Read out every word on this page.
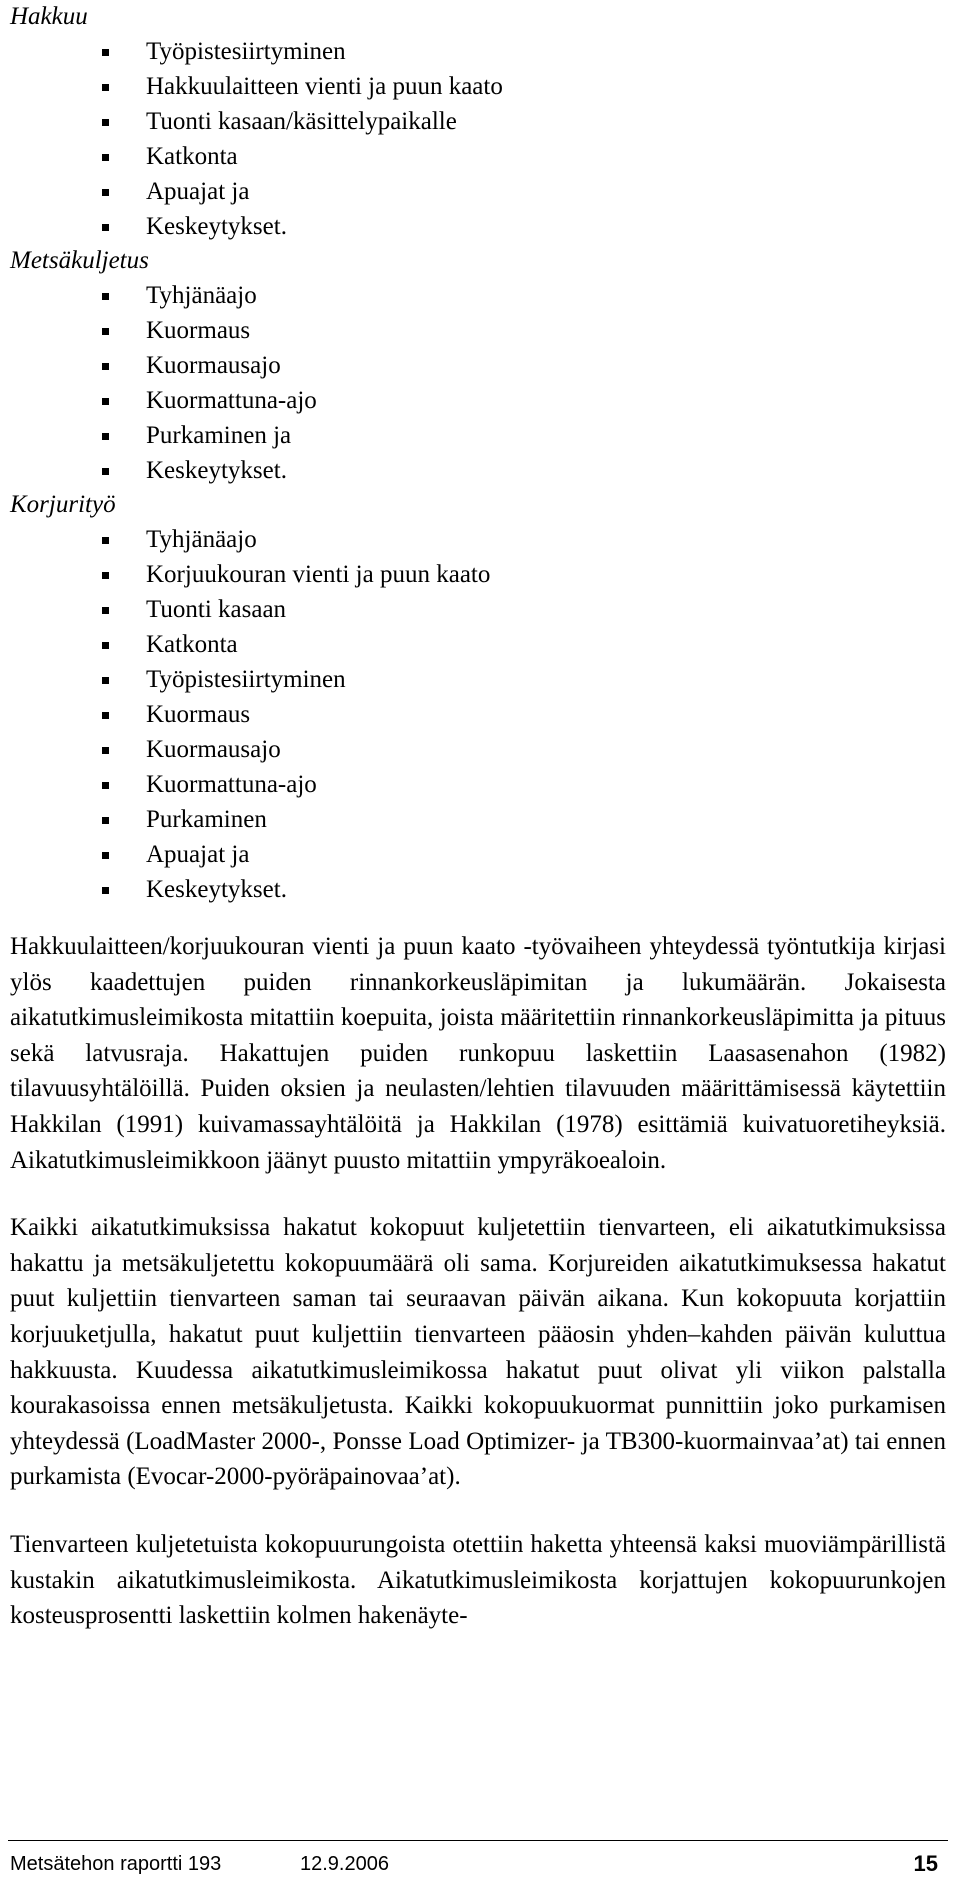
Hakkuu
Työpistesiirtyminen
Hakkuulaitteen vienti ja puun kaato
Tuonti kasaan/käsittelypaikalle
Katkonta
Apuajat ja
Keskeytykset.
Metsäkuljetus
Tyhjänäajo
Kuormaus
Kuormausajo
Kuormattuna-ajo
Purkaminen ja
Keskeytykset.
Korjurityö
Tyhjänäajo
Korjuukouran vienti ja puun kaato
Tuonti kasaan
Katkonta
Työpistesiirtyminen
Kuormaus
Kuormausajo
Kuormattuna-ajo
Purkaminen
Apuajat ja
Keskeytykset.

Hakkuulaitteen/korjuukouran vienti ja puun kaato -työvaiheen yhteydessä työntutkija kirjasi ylös kaadettujen puiden rinnankorkeusläpimitan ja lukumäärän. Jokaisesta aikatutkimusleimikosta mitattiin koepuita, joista määritettiin rinnankorkeusläpimitta ja pituus sekä latvusraja. Hakattujen puiden runkopuu laskettiin Laasasenahon (1982) tilavuusyhtälöillä. Puiden oksien ja neulasten/lehtien tilavuuden määrittämisessä käytettiin Hakkilan (1991) kuivamassayhtälöitä ja Hakkilan (1978) esittämiä kuivatuoretiheyksiä. Aikatutkimusleimikkoon jäänyt puusto mitattiin ympyräkoealoin.

Kaikki aikatutkimuksissa hakatut kokopuut kuljetettiin tienvarteen, eli aikatutkimuksissa hakattu ja metsäkuljetettu kokopuumäärä oli sama. Korjureiden aikatutkimuksessa hakatut puut kuljettiin tienvarteen saman tai seuraavan päivän aikana. Kun kokopuuta korjattiin korjuuketjulla, hakatut puut kuljettiin tienvarteen pääosin yhden–kahden päivän kuluttua hakkuusta. Kuudessa aikatutkimusleimikossa hakatut puut olivat yli viikon palstalla kourakasoissa ennen metsäkuljetusta. Kaikki kokopuukuormat punnittiin joko purkamisen yhteydessä (LoadMaster 2000-, Ponsse Load Optimizer- ja TB300-kuormainvaa’at) tai ennen purkamista (Evocar-2000-pyöräpainovaa’at).

Tienvarteen kuljetetuista kokopuurungoista otettiin haketta yhteensä kaksi muoviämpärillistä kustakin aikatutkimusleimikosta. Aikatutkimusleimikosta korjattujen kokopuurunkojen kosteusprosentti laskettiin kolmen hakenäyte-

Metsätehon raportti 193	12.9.2006	15
